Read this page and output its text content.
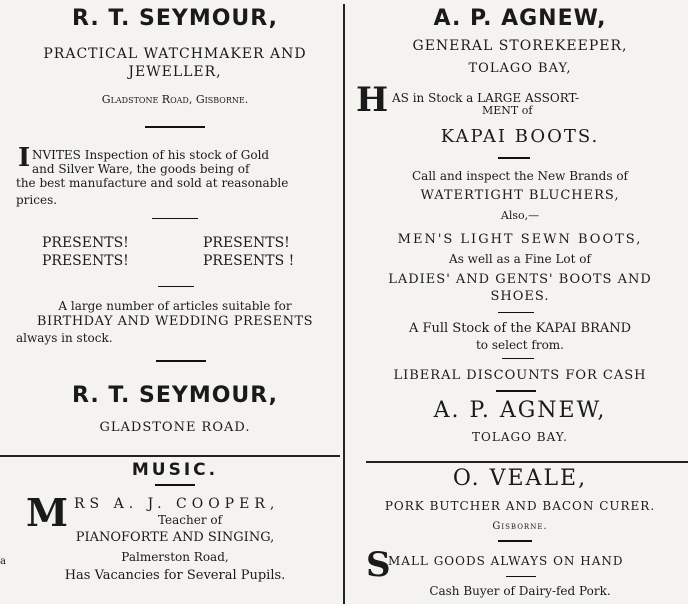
a
R. T. SEYMOUR,
PRACTICAL WATCHMAKER AND
JEWELLER,
Gladstone Road, Gisborne.
I NVITES Inspection of his stock of Gold
and Silver Ware, the goods being of
the best manufacture and sold at reasonable
prices.
PRESENTS!	PRESENTS!
PRESENTS!	PRESENTS !
A large number of articles suitable for
BIRTHDAY AND WEDDING PRESENTS
always in stock.
R. T. SEYMOUR,
GLADSTONE ROAD.
MUSIC.
M RS A. J. COOPER,
Teacher of
PIANOFORTE AND SINGING,
Palmerston Road,
Has Vacancies for Several Pupils.
A. P. AGNEW,
GENERAL STOREKEEPER,
TOLAGO BAY,
H AS in Stock a LARGE ASSORT-
MENT of
KAPAI BOOTS.
Call and inspect the New Brands of
WATERTIGHT BLUCHERS,
Also,—
MEN'S LIGHT SEWN BOOTS,
As well as a Fine Lot of
LADIES' AND GENTS' BOOTS AND
SHOES.
A Full Stock of the KAPAI BRAND
to select from.
LIBERAL DISCOUNTS FOR CASH
A. P. AGNEW,
TOLAGO BAY.
O. VEALE,
PORK BUTCHER AND BACON CURER.
Gisborne.
S
MALL GOODS ALWAYS ON HAND
Cash Buyer of Dairy-fed Pork.
